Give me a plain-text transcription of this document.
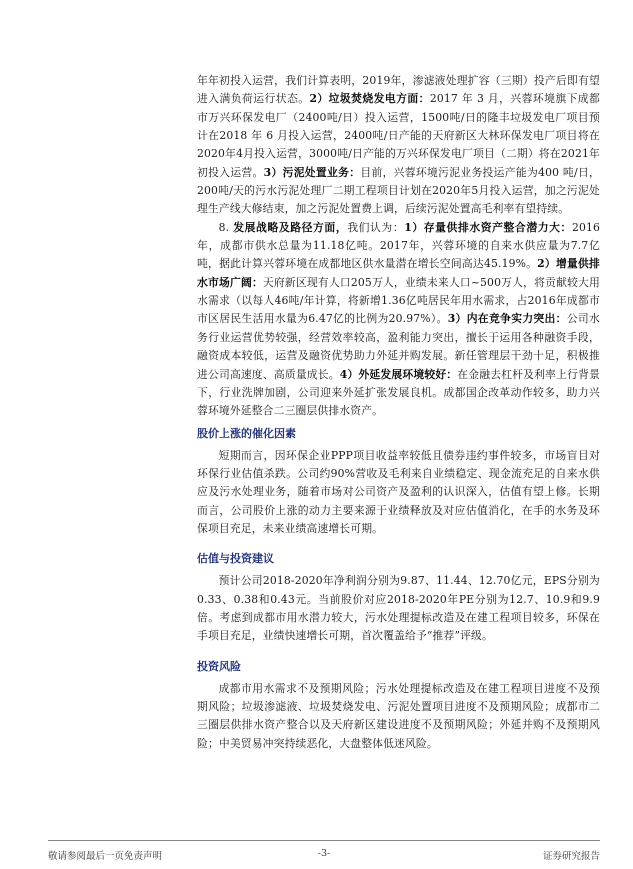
年年初投入运营，我们计算表明，2019年，渗滤液处理扩容（三期）投产后即有望进入满负荷运行状态。2）垃圾焚烧发电方面：2017 年 3 月，兴蓉环境旗下成都市万兴环保发电厂（2400吨/日）投入运营，1500吨/日的隆丰垃圾发电厂项目预计在2018 年 6 月投入运营，2400吨/日产能的天府新区大林环保发电厂项目将在2020年4月投入运营，3000吨/日产能的万兴环保发电厂项目（二期）将在2021年初投入运营。3）污泥处置业务：目前，兴蓉环境污泥业务投运产能为400 吨/日，200吨/天的污水污泥处理厂二期工程项目计划在2020年5月投入运营，加之污泥处理生产线大修结束，加之污泥处置费上调，后续污泥处置高毛利率有望持续。

8. 发展战略及路径方面，我们认为：1）存量供排水资产整合潜力大：2016年，成都市供水总量为11.18亿吨。2017年，兴蓉环境的自来水供应量为7.7亿吨，据此计算兴蓉环境在成都地区供水量潜在增长空间高达45.19%。2）增量供排水市场广阔：天府新区现有人口205万人，业绩未来人口~500万人，将贡献较大用水需求（以每人46吨/年计算，将新增1.36亿吨居民年用水需求，占2016年成都市市区居民生活用水量为6.47亿的比例为20.97%）。3）内在竞争实力突出：公司水务行业运营优势较强，经营效率较高，盈利能力突出，擅长于运用各种融资手段，融资成本较低，运营及融资优势助力外延并购发展。新任管理层干劲十足，积极推进公司高速度、高质量成长。4）外延发展环境较好：在金融去杠杆及利率上行背景下，行业洗牌加剧，公司迎来外延扩张发展良机。成都国企改革动作较多，助力兴蓉环境外延整合二三圈层供排水资产。

股价上涨的催化因素

短期而言，因环保企业PPP项目收益率较低且债券违约事件较多，市场盲目对环保行业估值杀跌。公司约90%营收及毛利来自业绩稳定、现金流充足的自来水供应及污水处理业务，随着市场对公司资产及盈利的认识深入，估值有望上修。长期而言，公司股价上涨的动力主要来源于业绩释放及对应估值消化，在手的水务及环保项目充足，未来业绩高速增长可期。

估值与投资建议

预计公司2018-2020年净利润分别为9.87、11.44、12.70亿元，EPS分别为0.33、0.38和0.43元。当前股价对应2018-2020年PE分别为12.7、10.9和9.9倍。考虑到成都市用水潜力较大，污水处理提标改造及在建工程项目较多，环保在手项目充足，业绩快速增长可期，首次覆盖给予“推荐”评级。

投资风险

成都市用水需求不及预期风险；污水处理提标改造及在建工程项目进度不及预期风险；垃圾渗滤液、垃圾焚烧发电、污泥处置项目进度不及预期风险；成都市二三圈层供排水资产整合以及天府新区建设进度不及预期风险；外延并购不及预期风险；中美贸易冲突持续恶化，大盘整体低迷风险。

敬请参阅最后一页免责声明	-3-	证券研究报告
